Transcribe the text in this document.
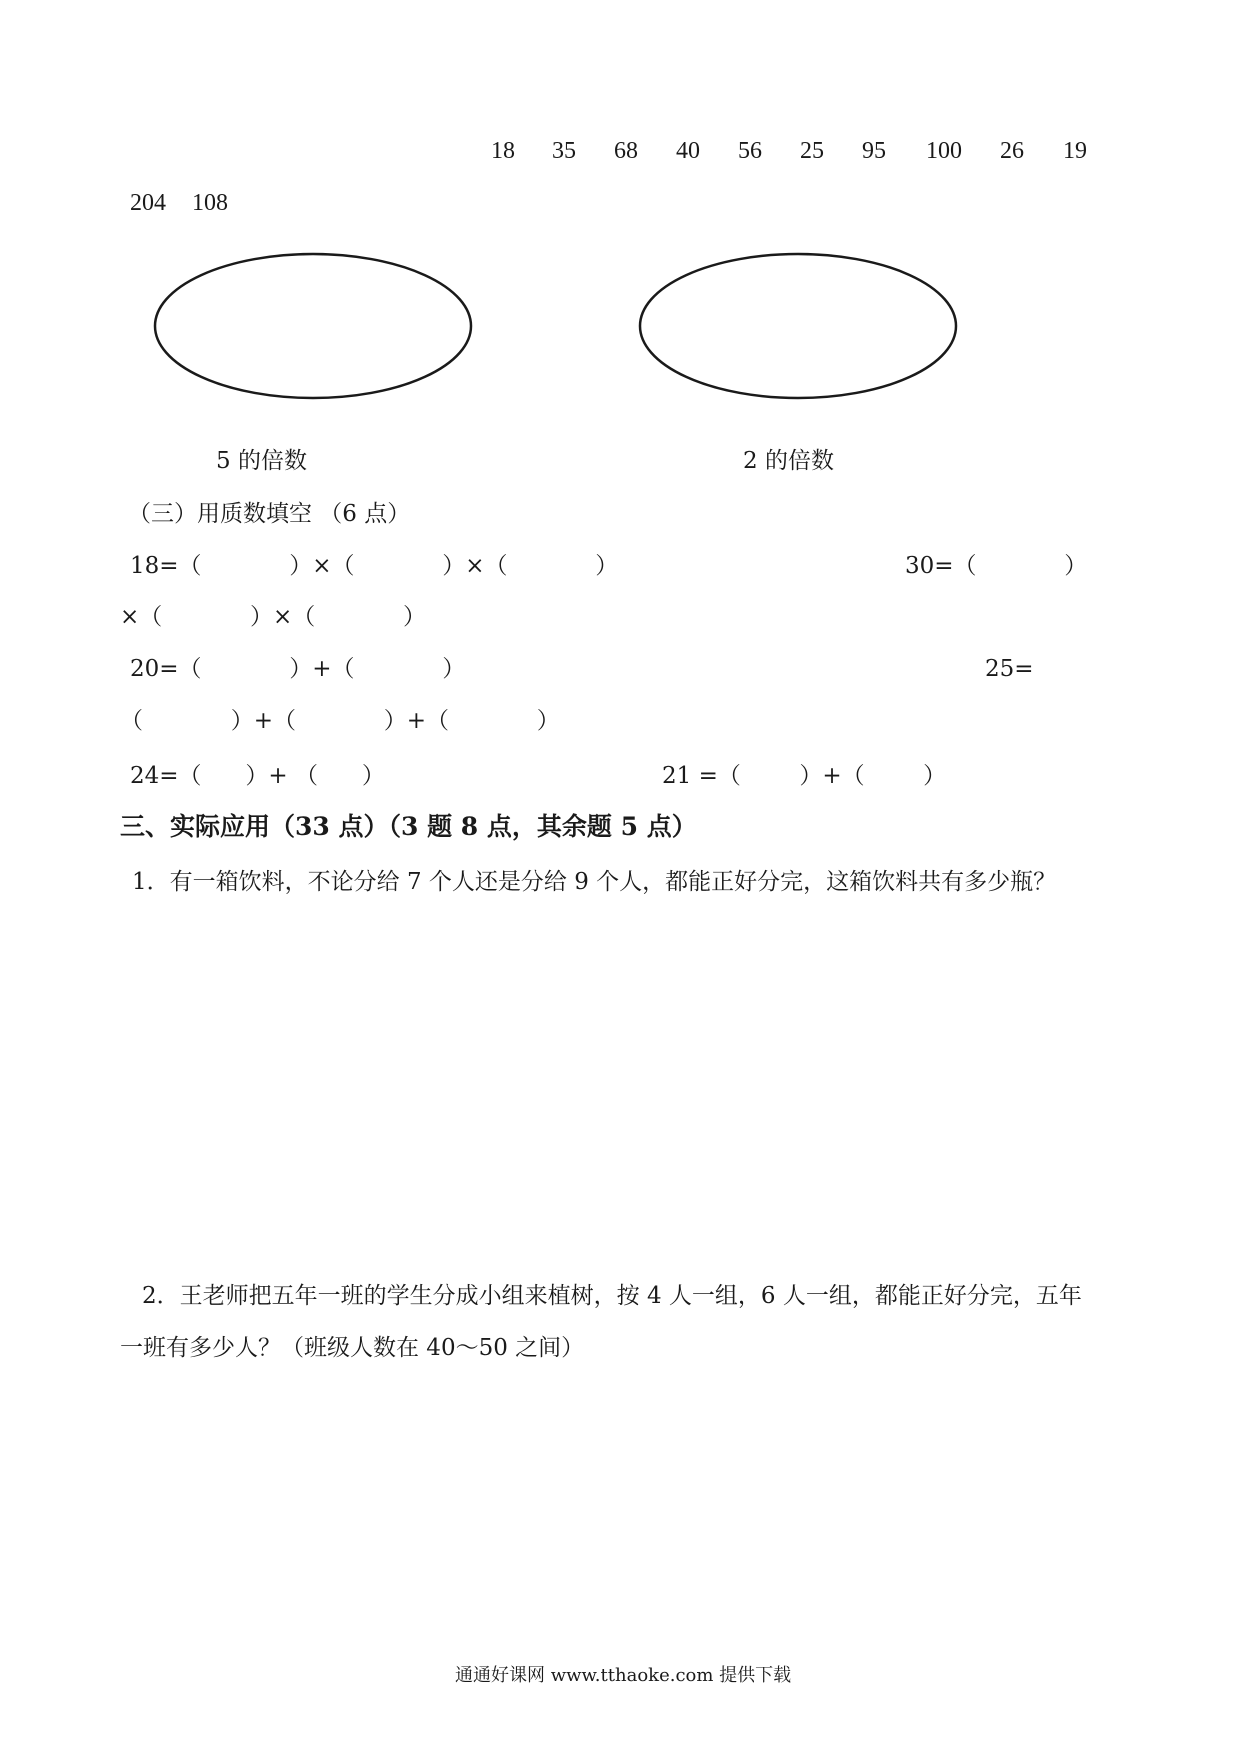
18 35 68 40 56 25 95 100 26 19
204 108
5 的倍数	2 的倍数
（三）用质数填空 （6 点）
18=（            ）×（            ）×（            ）	30=（            ）
×（            ）×（            ）
20=（            ）+（            ）	25=
（            ）+（            ）+（            ）
24=（      ）+ （      ）	21 =（        ）+（        ）
三、实际应用（33 点）（3 题 8 点，其余题 5 点）
1．有一箱饮料，不论分给 7 个人还是分给 9 个人，都能正好分完，这箱饮料共有多少瓶？
2．王老师把五年一班的学生分成小组来植树，按 4 人一组，6 人一组，都能正好分完，五年
一班有多少人？（班级人数在 40～50 之间）
通通好课网 www.tthaoke.com 提供下载
